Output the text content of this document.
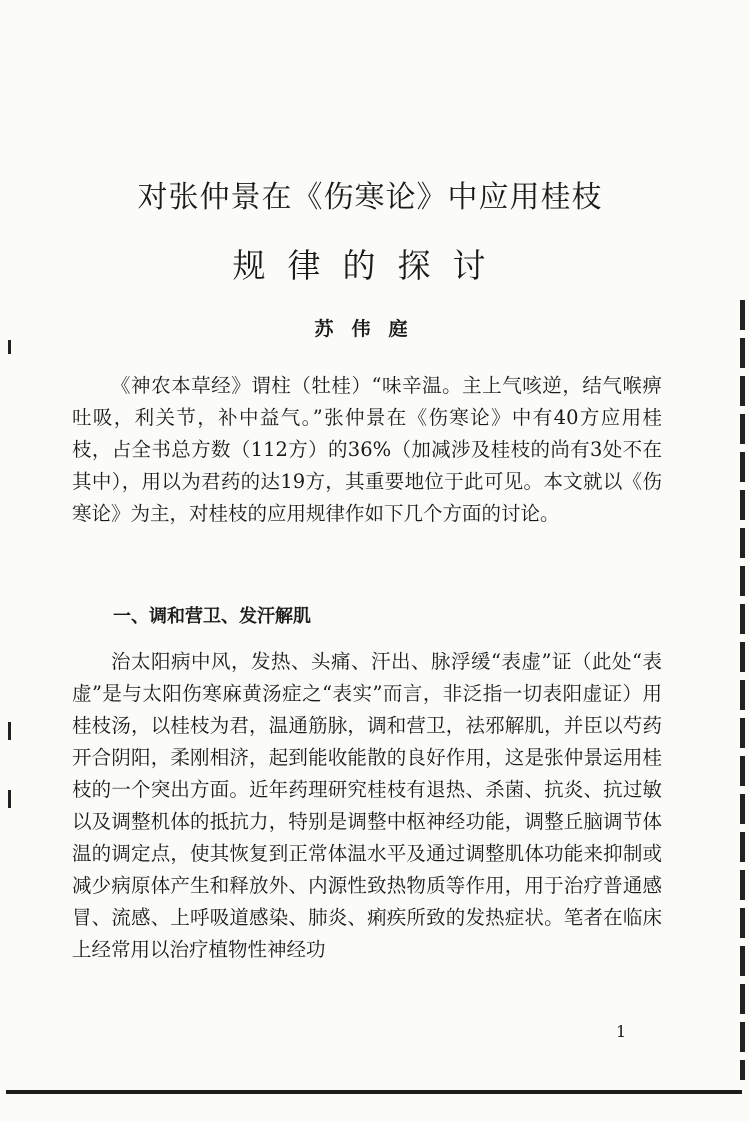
对张仲景在《伤寒论》中应用桂枝
规律的探讨
苏伟庭

《神农本草经》谓柱（牡桂）“味辛温。主上气咳逆，结气喉痹吐吸，利关节，补中益气。”张仲景在《伤寒论》中有40方应用桂枝，占全书总方数（112方）的36%（加减涉及桂枝的尚有3处不在其中），用以为君药的达19方，其重要地位于此可见。本文就以《伤寒论》为主，对桂枝的应用规律作如下几个方面的讨论。

一、调和营卫、发汗解肌

治太阳病中风，发热、头痛、汗出、脉浮缓“表虚”证（此处“表虚”是与太阳伤寒麻黄汤症之“表实”而言，非泛指一切表阳虚证）用桂枝汤，以桂枝为君，温通筋脉，调和营卫，祛邪解肌，并臣以芍药开合阴阳，柔刚相济，起到能收能散的良好作用，这是张仲景运用桂枝的一个突出方面。近年药理研究桂枝有退热、杀菌、抗炎、抗过敏以及调整机体的抵抗力，特别是调整中枢神经功能，调整丘脑调节体温的调定点，使其恢复到正常体温水平及通过调整肌体功能来抑制或减少病原体产生和释放外、内源性致热物质等作用，用于治疗普通感冒、流感、上呼吸道感染、肺炎、痢疾所致的发热症状。笔者在临床上经常用以治疗植物性神经功

1
